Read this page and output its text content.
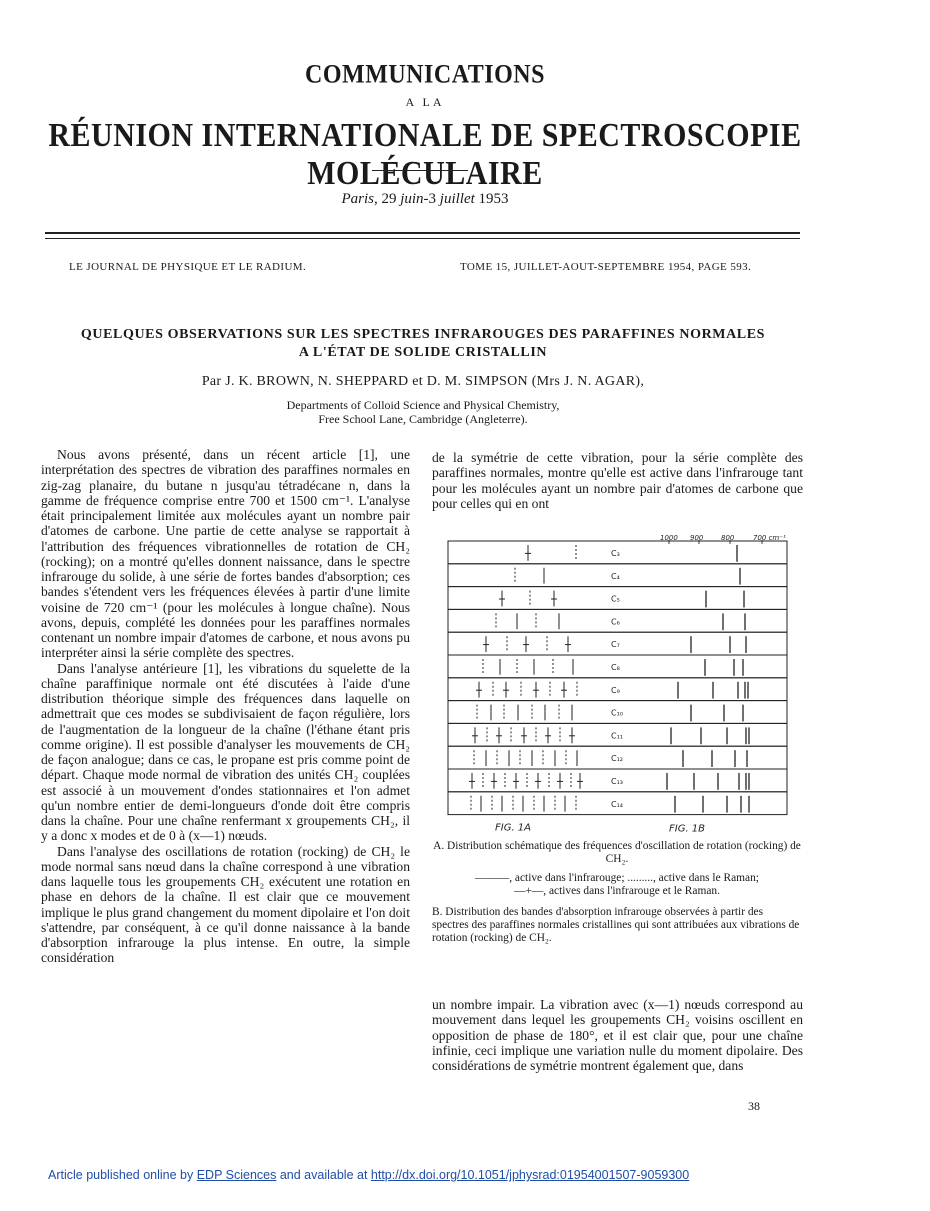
COMMUNICATIONS
A LA
RÉUNION INTERNATIONALE DE SPECTROSCOPIE MOLÉCULAIRE
Paris, 29 juin-3 juillet 1953
LE JOURNAL DE PHYSIQUE ET LE RADIUM.	TOME 15, JUILLET-AOUT-SEPTEMBRE 1954, PAGE 593.
QUELQUES OBSERVATIONS SUR LES SPECTRES INFRAROUGES DES PARAFFINES NORMALES
A L'ÉTAT DE SOLIDE CRISTALLIN
Par J. K. BROWN, N. SHEPPARD et D. M. SIMPSON (Mrs J. N. AGAR),
Departments of Colloid Science and Physical Chemistry,
Free School Lane, Cambridge (Angleterre).

Nous avons présenté, dans un récent article [1], une interprétation des spectres de vibration des paraffines normales en zig-zag planaire, du butane n jusqu'au tétradécane n, dans la gamme de fréquence comprise entre 700 et 1500 cm⁻¹. L'analyse était principalement limitée aux molécules ayant un nombre pair d'atomes de carbone. Une partie de cette analyse se rapportait à l'attribution des fréquences vibrationnelles de rotation de CH₂ (rocking); on a montré qu'elles donnent naissance, dans le spectre infrarouge du solide, à une série de fortes bandes d'absorption; ces bandes s'étendent vers les fréquences élevées à partir d'une limite voisine de 720 cm⁻¹ (pour les molécules à longue chaîne). Nous avons, depuis, complété les données pour les paraffines normales contenant un nombre impair d'atomes de carbone, et nous avons pu interpréter ainsi la série complète des spectres.

Dans l'analyse antérieure [1], les vibrations du squelette de la chaîne paraffinique normale ont été discutées à l'aide d'une distribution théorique simple des fréquences dans laquelle on admettrait que ces modes se subdivisaient de façon régulière, lors de l'augmentation de la longueur de la chaîne (l'éthane étant pris comme origine). Il est possible d'analyser les mouvements de CH₂ de façon analogue; dans ce cas, le propane est pris comme point de départ. Chaque mode normal de vibration des unités CH₂ couplées est associé à un mouvement d'ondes stationnaires et l'on admet qu'un nombre entier de demi-longueurs d'onde doit être compris dans la chaîne. Pour une chaîne renfermant x groupements CH₂, il y a donc x modes et de 0 à (x—1) nœuds.

Dans l'analyse des oscillations de rotation (rocking) de CH₂ le mode normal sans nœud dans la chaîne correspond à une vibration dans laquelle tous les groupements CH₂ exécutent une rotation en phase en dehors de la chaîne. Il est clair que ce mouvement implique le plus grand changement du moment dipolaire et l'on doit s'attendre, par conséquent, à ce qu'il donne naissance à la bande d'absorption infrarouge la plus intense. En outre, la simple considération

de la symétrie de cette vibration, pour la série complète des paraffines normales, montre qu'elle est active dans l'infrarouge tant pour les molécules ayant un nombre pair d'atomes de carbone que pour celles qui en ont

1000 900	800	700 cm⁻¹
C₃
C₄
C₅
C₆
C₇
C₈
C₉
C₁₀
C₁₁
C₁₂
C₁₃
C₁₄
FIG. 1A	FIG. 1B
A. Distribution schématique des fréquences d'oscillation de rotation (rocking) de CH₂.
———, active dans l'infrarouge; ........., active dans le Raman;
—+—, actives dans l'infrarouge et le Raman.
B. Distribution des bandes d'absorption infrarouge observées à partir des spectres des paraffines normales cristallines qui sont attribuées aux vibrations de rotation (rocking) de CH₂.

un nombre impair. La vibration avec (x—1) nœuds correspond au mouvement dans lequel les groupements CH₂ voisins oscillent en opposition de phase de 180°, et il est clair que, pour une chaîne infinie, ceci implique une variation nulle du moment dipolaire. Des considérations de symétrie montrent également que, dans

38
Article published online by EDP Sciences and available at http://dx.doi.org/10.1051/jphysrad:01954001507-9059300
